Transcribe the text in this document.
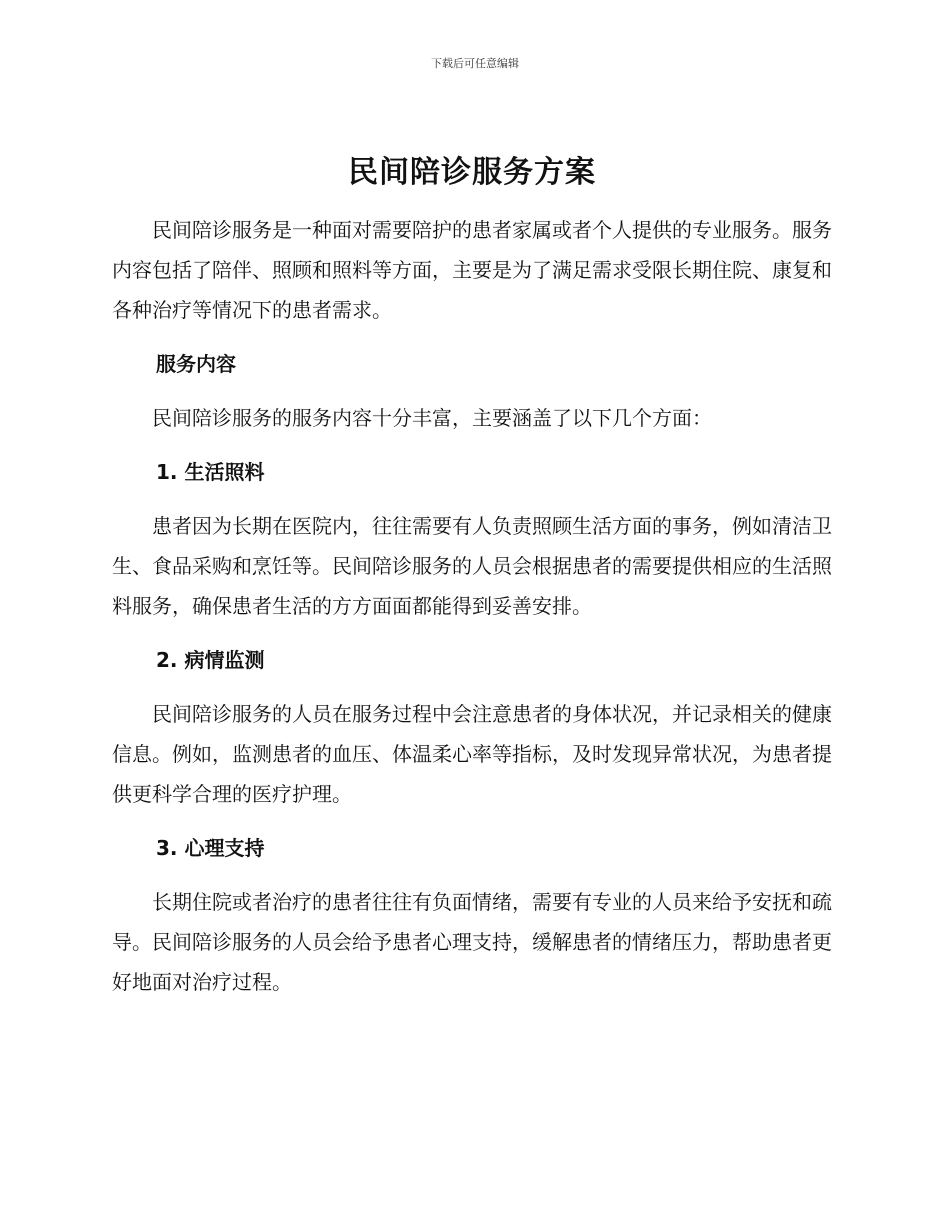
下载后可任意编辑
民间陪诊服务方案

民间陪诊服务是一种面对需要陪护的患者家属或者个人提供的专业服务。服务内容包括了陪伴、照顾和照料等方面，主要是为了满足需求受限长期住院、康复和各种治疗等情况下的患者需求。

服务内容

民间陪诊服务的服务内容十分丰富，主要涵盖了以下几个方面：

1. 生活照料

患者因为长期在医院内，往往需要有人负责照顾生活方面的事务，例如清洁卫生、食品采购和烹饪等。民间陪诊服务的人员会根据患者的需要提供相应的生活照料服务，确保患者生活的方方面面都能得到妥善安排。

2. 病情监测

民间陪诊服务的人员在服务过程中会注意患者的身体状况，并记录相关的健康信息。例如，监测患者的血压、体温柔心率等指标，及时发现异常状况，为患者提供更科学合理的医疗护理。

3. 心理支持

长期住院或者治疗的患者往往有负面情绪，需要有专业的人员来给予安抚和疏导。民间陪诊服务的人员会给予患者心理支持，缓解患者的情绪压力，帮助患者更好地面对治疗过程。
